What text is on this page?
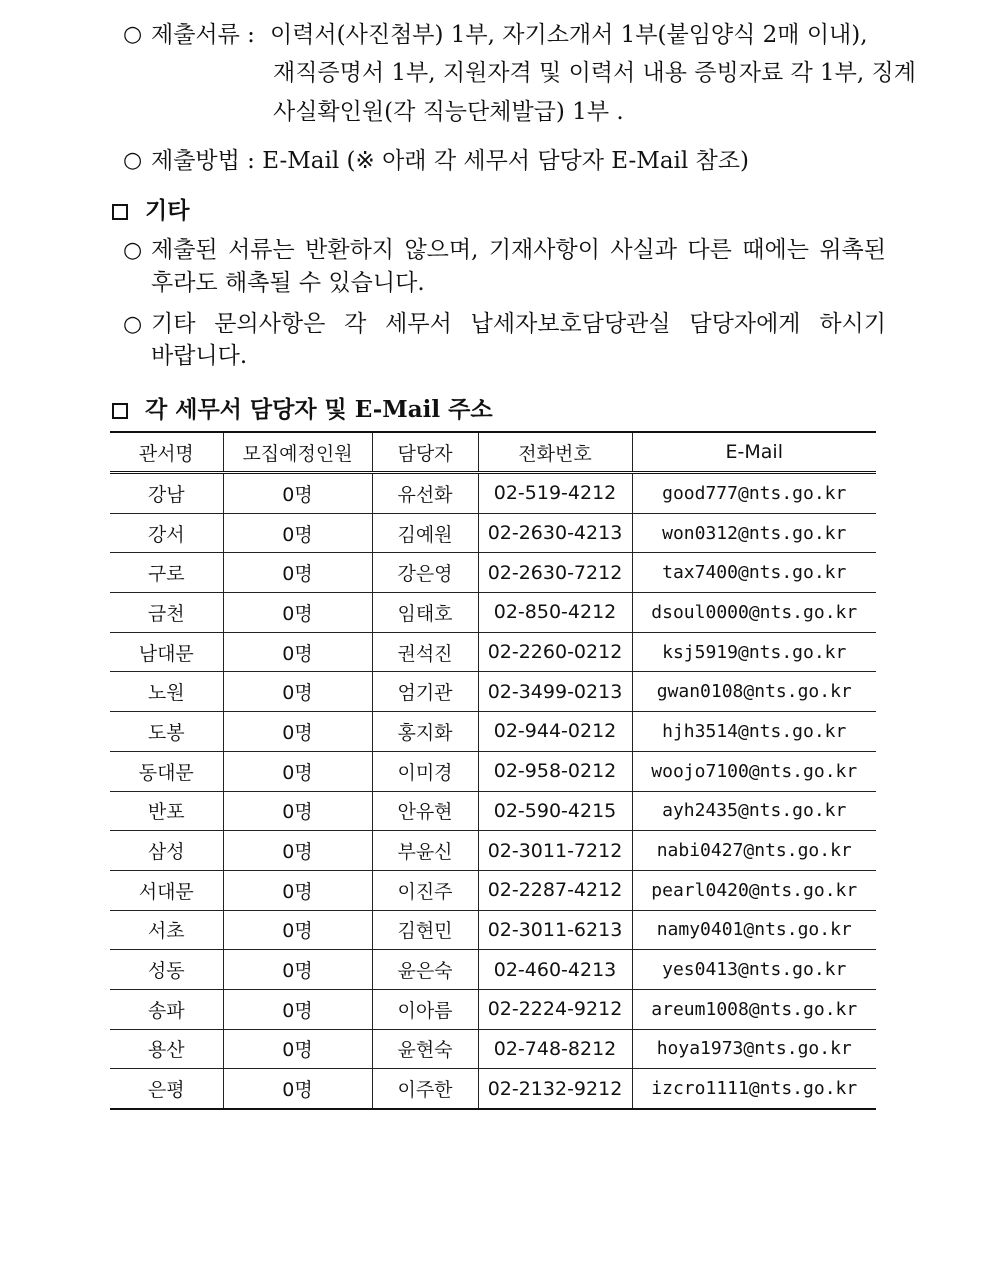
○ 제출서류 : 이력서(사진첨부) 1부, 자기소개서 1부(붙임양식 2매 이내),
재직증명서 1부, 지원자격 및 이력서 내용 증빙자료 각 1부, 징계
사실확인원(각 직능단체발급) 1부 .
○ 제출방법 : E-Mail (※ 아래 각 세무서 담당자 E-Mail 참조)
기타
○ 제출된 서류는 반환하지 않으며, 기재사항이 사실과 다른 때에는 위촉된
후라도 해촉될 수 있습니다.
○ 기타 문의사항은 각 세무서 납세자보호담당관실 담당자에게 하시기
바랍니다.
각 세무서 담당자 및 E-Mail 주소
관서명	모집예정인원	담당자	전화번호	E-Mail
강남	0명	유선화	02-519-4212	good777@nts.go.kr
강서	0명	김예원	02-2630-4213	won0312@nts.go.kr
구로	0명	강은영	02-2630-7212	tax7400@nts.go.kr
금천	0명	임태호	02-850-4212	dsoul0000@nts.go.kr
남대문	0명	권석진	02-2260-0212	ksj5919@nts.go.kr
노원	0명	엄기관	02-3499-0213	gwan0108@nts.go.kr
도봉	0명	홍지화	02-944-0212	hjh3514@nts.go.kr
동대문	0명	이미경	02-958-0212	woojo7100@nts.go.kr
반포	0명	안유현	02-590-4215	ayh2435@nts.go.kr
삼성	0명	부윤신	02-3011-7212	nabi0427@nts.go.kr
서대문	0명	이진주	02-2287-4212	pearl0420@nts.go.kr
서초	0명	김현민	02-3011-6213	namy0401@nts.go.kr
성동	0명	윤은숙	02-460-4213	yes0413@nts.go.kr
송파	0명	이아름	02-2224-9212	areum1008@nts.go.kr
용산	0명	윤현숙	02-748-8212	hoya1973@nts.go.kr
은평	0명	이주한	02-2132-9212	izcro1111@nts.go.kr
